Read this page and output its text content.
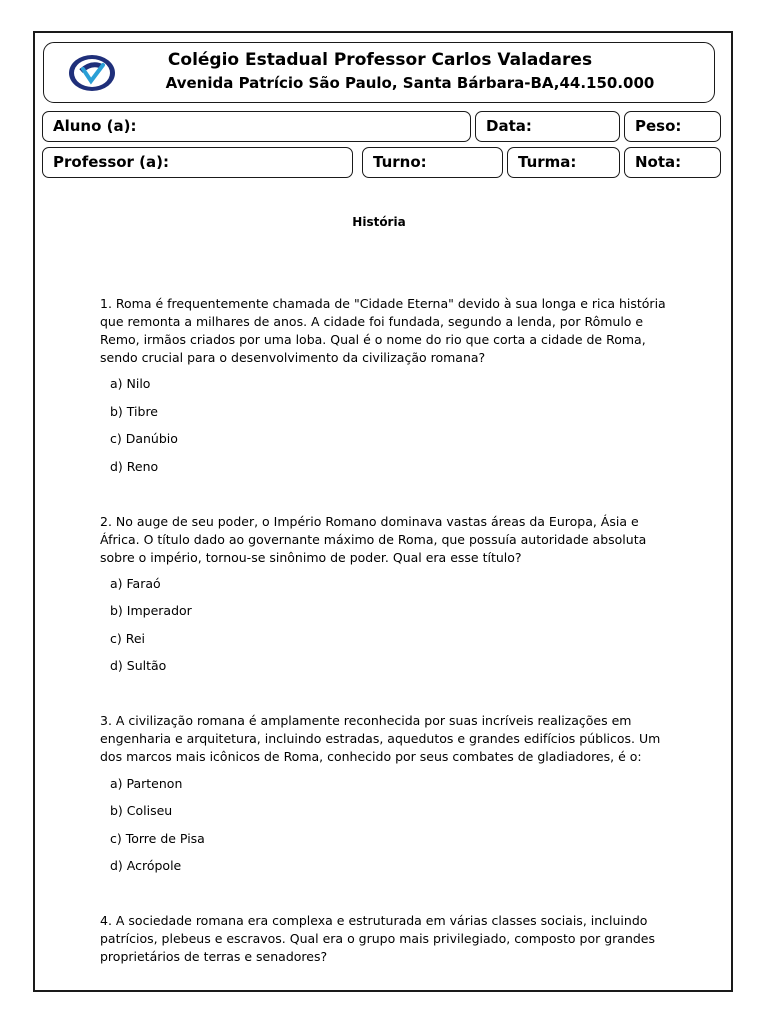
Colégio Estadual Professor Carlos Valadares
Avenida Patrício São Paulo, Santa Bárbara-BA,44.150.000
Aluno (a):	Data:	Peso:
Professor (a):	Turno:	Turma:	Nota:
História
1. Roma é frequentemente chamada de "Cidade Eterna" devido à sua longa e rica história que remonta a milhares de anos. A cidade foi fundada, segundo a lenda, por Rômulo e Remo, irmãos criados por uma loba. Qual é o nome do rio que corta a cidade de Roma, sendo crucial para o desenvolvimento da civilização romana?
a) Nilo
b) Tibre
c) Danúbio
d) Reno
2. No auge de seu poder, o Império Romano dominava vastas áreas da Europa, Ásia e África. O título dado ao governante máximo de Roma, que possuía autoridade absoluta sobre o império, tornou-se sinônimo de poder. Qual era esse título?
a) Faraó
b) Imperador
c) Rei
d) Sultão
3. A civilização romana é amplamente reconhecida por suas incríveis realizações em engenharia e arquitetura, incluindo estradas, aquedutos e grandes edifícios públicos. Um dos marcos mais icônicos de Roma, conhecido por seus combates de gladiadores, é o:
a) Partenon
b) Coliseu
c) Torre de Pisa
d) Acrópole
4. A sociedade romana era complexa e estruturada em várias classes sociais, incluindo patrícios, plebeus e escravos. Qual era o grupo mais privilegiado, composto por grandes proprietários de terras e senadores?
